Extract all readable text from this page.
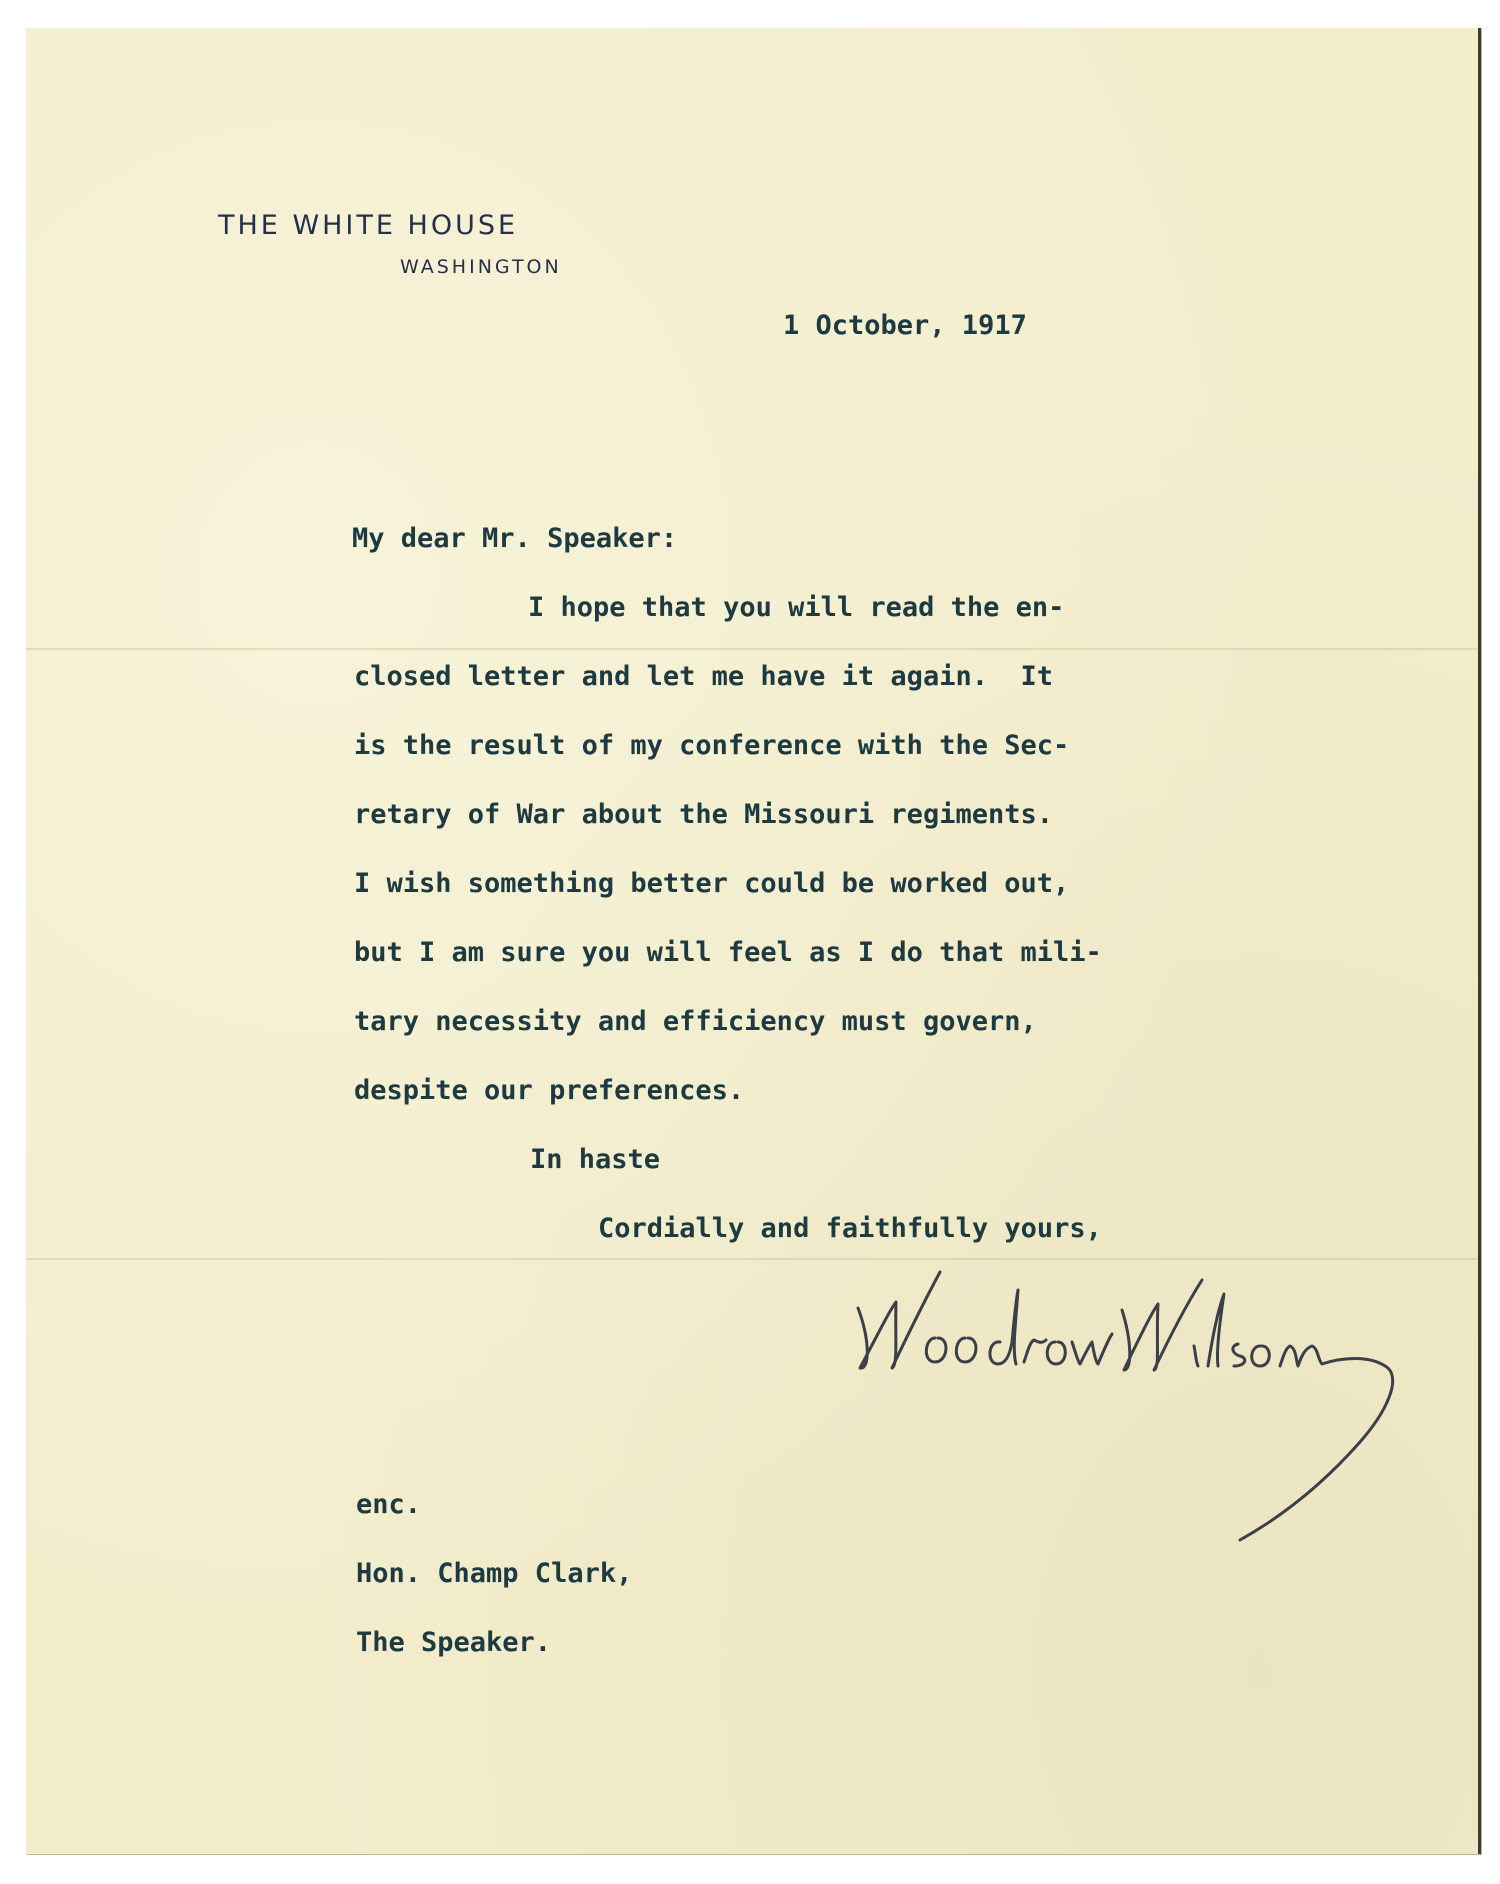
THE WHITE HOUSE
WASHINGTON
1 October, 1917
My dear Mr. Speaker:
I hope that you will read the en-
closed letter and let me have it again.  It
is the result of my conference with the Sec-
retary of War about the Missouri regiments.
I wish something better could be worked out,
but I am sure you will feel as I do that mili-
tary necessity and efficiency must govern,
despite our preferences.
In haste
Cordially and faithfully yours,
enc.
Hon. Champ Clark,
The Speaker.
